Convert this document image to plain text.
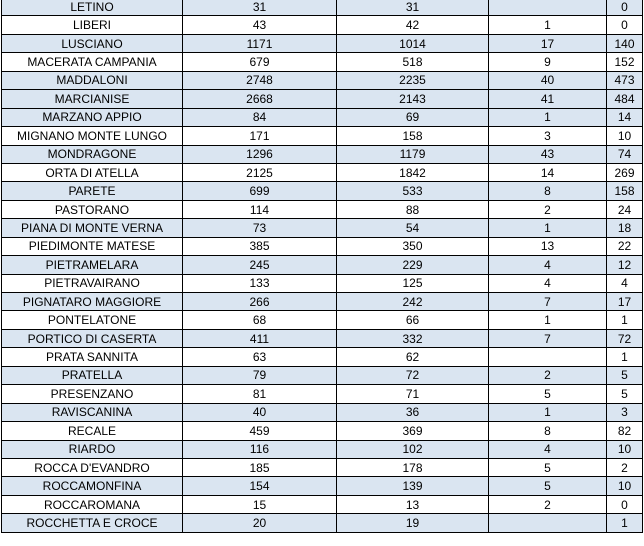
LETINO	31	31		0
LIBERI	43	42	1	0
LUSCIANO	1171	1014	17	140
MACERATA CAMPANIA	679	518	9	152
MADDALONI	2748	2235	40	473
MARCIANISE	2668	2143	41	484
MARZANO APPIO	84	69	1	14
MIGNANO MONTE LUNGO	171	158	3	10
MONDRAGONE	1296	1179	43	74
ORTA DI ATELLA	2125	1842	14	269
PARETE	699	533	8	158
PASTORANO	114	88	2	24
PIANA DI MONTE VERNA	73	54	1	18
PIEDIMONTE MATESE	385	350	13	22
PIETRAMELARA	245	229	4	12
PIETRAVAIRANO	133	125	4	4
PIGNATARO MAGGIORE	266	242	7	17
PONTELATONE	68	66	1	1
PORTICO DI CASERTA	411	332	7	72
PRATA SANNITA	63	62		1
PRATELLA	79	72	2	5
PRESENZANO	81	71	5	5
RAVISCANINA	40	36	1	3
RECALE	459	369	8	82
RIARDO	116	102	4	10
ROCCA D'EVANDRO	185	178	5	2
ROCCAMONFINA	154	139	5	10
ROCCAROMANA	15	13	2	0
ROCCHETTA E CROCE	20	19		1
